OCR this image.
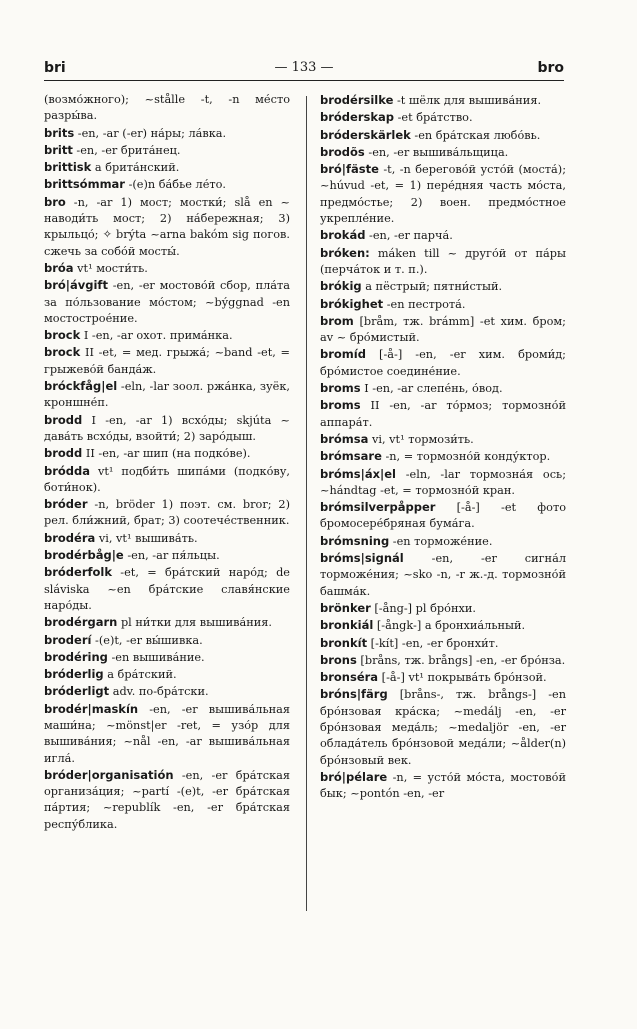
bri	— 133 —	bro

(возмо́жного); ~stålle -t, -n ме́сто разры́ва.

brits -en, -ar (-er) на́ры; ла́вка.

britt -en, -er брита́нец.

brittisk a брита́нский.

brittsómmar -(e)n ба́бье ле́то.

bro -n, -ar 1) мост; мостки́; slå en ~ наводи́ть мост; 2) на́бережная; 3) крыльцо́; ✧ brýta ~arna bakóm sig погов. сжечь за собо́й мосты́.

bróa vt¹ мости́ть.

bró|ávgift -en, -er мостово́й сбор, пла́та за по́льзование мо́стом; ~býggnad -en мостострое́ние.

brock I -en, -ar охот. прима́нка.

brock II -et, = мед. грыжа́; ~band -et, = грыжево́й банда́ж.

bróckfåg|el -eln, -lar зоол. ржа́нка, зуёк, кроншне́п.

brodd I -en, -ar 1) всхо́ды; skjúta ~ дава́ть всхо́ды, взойти́; 2) заро́дыш.

brodd II -en, -ar шип (на подко́ве).

bródda vt¹ подби́ть шипа́ми (подко́ву, боти́нок).

bróder -n, bröder 1) поэт. см. bror; 2) рел. бли́жний, брат; 3) соотече́ственник.

brodéra vi, vt¹ вышива́ть.

brodérbåg|e -en, -ar пя́льцы.

bróderfolk -et, = бра́тский наро́д; de sláviska ~en бра́тские славя́нские наро́ды.

brodérgarn pl ни́тки для вышива́ния.

broderí -(e)t, -er вы́шивка.

brodéring -en вышива́ние.

bróderlig a бра́тский.

bróderligt adv. по-бра́тски.

brodér|maskín -en, -er вышива́льная маши́на; ~mönst|er -ret, = узо́р для вышива́ния; ~nål -en, -ar вышива́льная игла́.

bróder|organisatión -en, -er бра́тская организа́ция; ~partí -(e)t, -er бра́тская па́ртия; ~republík -en, -er бра́тская респу́блика.

brodérsilke -t шёлк для вышива́ния.

bróderskap -et бра́тство.

bróderskärlek -en бра́тская любо́вь.

brodõs -en, -er вышива́льщица.

bró|fäste -t, -n берегово́й усто́й (моста́); ~húvud -et, = 1) пере́дняя часть мо́ста, предмо́стье; 2) воен. предмо́стное укрепле́ние.

brokád -en, -er парча́.

bróken: máken till ~ друго́й от па́ры (перча́ток и т. п.).

brókig a пёстрый; пятни́стый.

brókighet -en пестрота́.

brom [bråm, тж. brámm] -et хим. бром; av ~ бро́мистый.

bromíd [-å-] -en, -er хим. броми́д; бро́мистое соедине́ние.

broms I -en, -ar слепе́нь, о́вод.

broms II -en, -ar то́рмоз; тормозно́й аппара́т.

brómsa vi, vt¹ тормози́ть.

brómsare -n, = тормозно́й конду́ктор.

bróms|áx|el -eln, -lar тормозна́я ось; ~hándtag -et, = тормозно́й кран.

brómsilverpåpper [-å-] -et фото бромосере́бряная бума́га.

brómsning -en торможе́ние.

bróms|signál -en, -er сигна́л торможе́ния; ~sko -n, -r ж.-д. тормозно́й башма́к.

brönker [-ång-] pl бро́нхи.

bronkiál [-ångk-] a бронхиа́льный.

bronkít [-kít] -en, -er бронхи́т.

brons [bråns, тж. brångs] -en, -er бро́нза.

bronséra [-å-] vt¹ покрыва́ть бро́нзой.

bróns|färg [bråns-, тж. brångs-] -en бро́нзовая кра́ска; ~medálj -en, -er бро́нзовая меда́ль; ~medaljör -en, -er облада́тель бро́нзовой меда́ли; ~ålder(n) бро́нзовый век.

bró|pélare -n, = усто́й мо́ста, мостово́й бык; ~pontón -en, -er
